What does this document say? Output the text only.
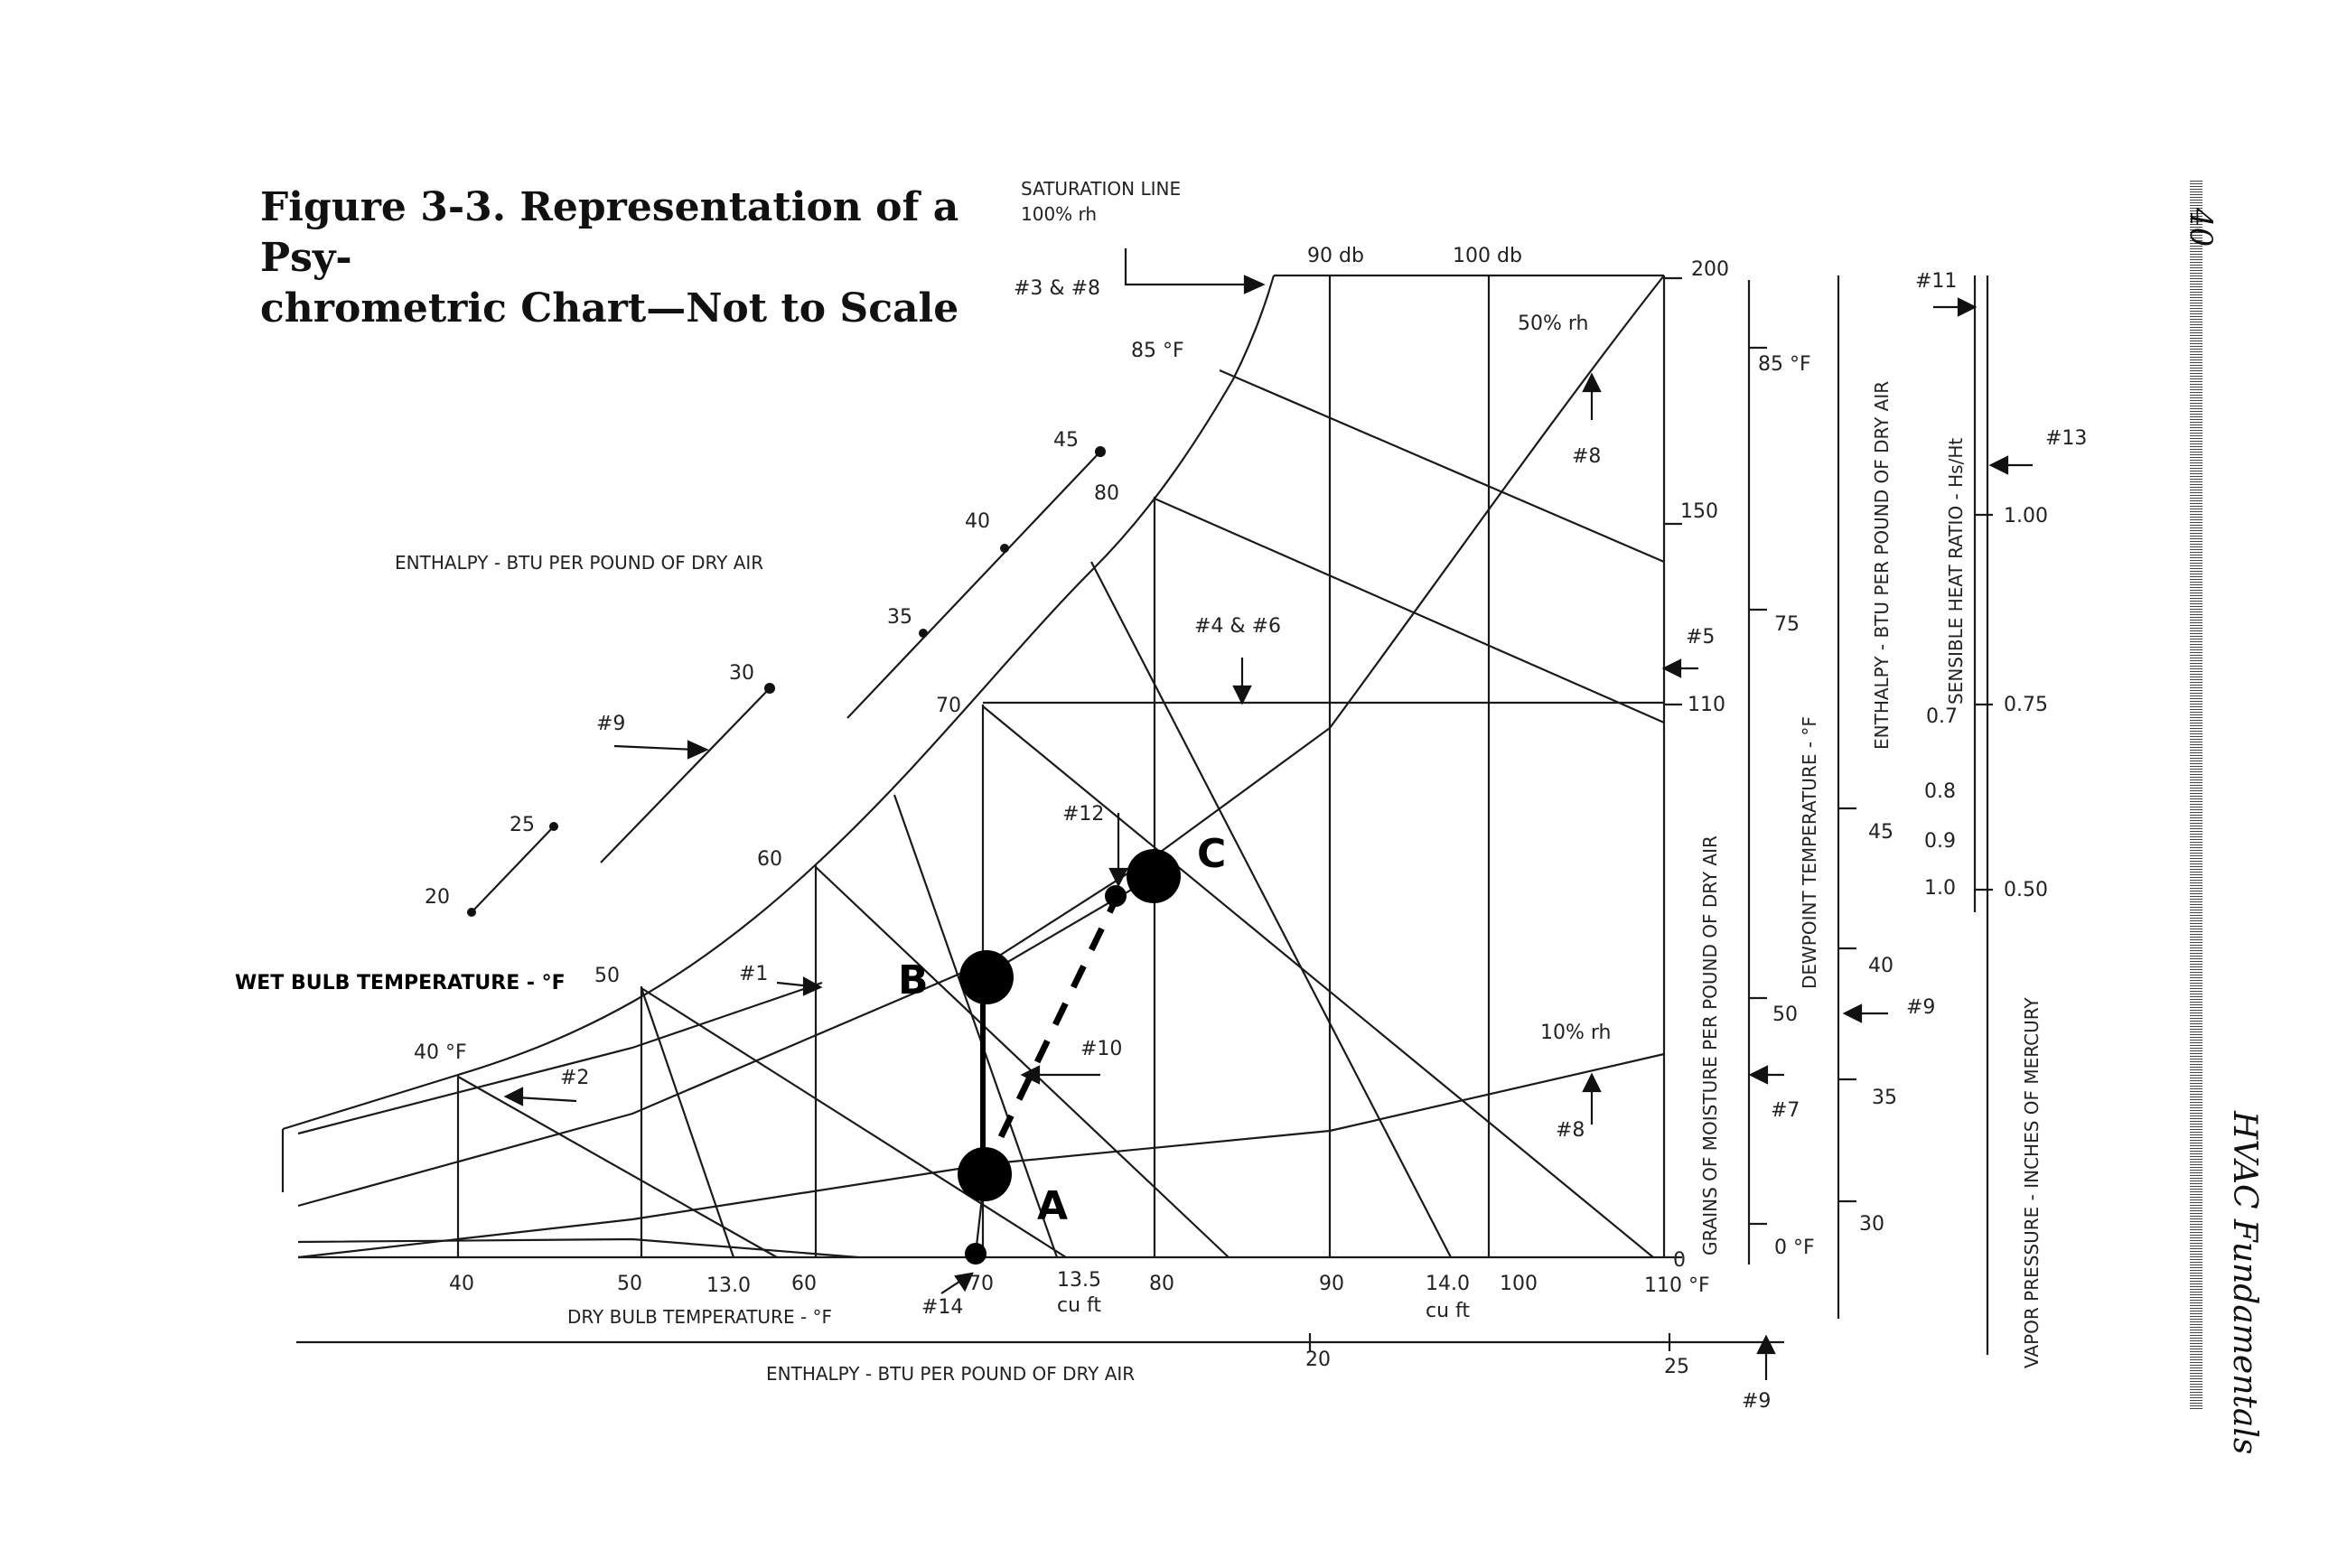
Figure 3-3. Representation of a Psy-
chrometric Chart—Not to Scale
40
HVAC Fundamentals
A
B
C
SATURATION LINE
100% rh
ENTHALPY - BTU PER POUND OF DRY AIR
ENTHALPY - BTU PER POUND OF DRY AIR
WET BULB TEMPERATURE - °F
DRY BULB TEMPERATURE - °F
20
25
30
35
40
45
40 °F
50
60
70
80
85 °F
40	50	60	70	80	90	100	110 °F
90 db	100 db
13.0	13.5
cu ft
14.0
cu ft
50% rh
10% rh
200
150
110
0
85 °F
75
50
0 °F
45
40
35
30
1.00
0.7
0.8
0.9
1.0
0.75
0.50
20	25
#1
#2
#3 & #8
#4 & #6	#5
#7
#8
#8
#9
#9
#9
#10
#11
#12
#13
#14
GRAINS OF MOISTURE PER POUND OF DRY AIR	DEWPOINT TEMPERATURE - °F
ENTHALPY - BTU PER POUND OF DRY AIR	SENSIBLE HEAT RATIO - Hs/Ht
VAPOR PRESSURE - INCHES OF MERCURY
